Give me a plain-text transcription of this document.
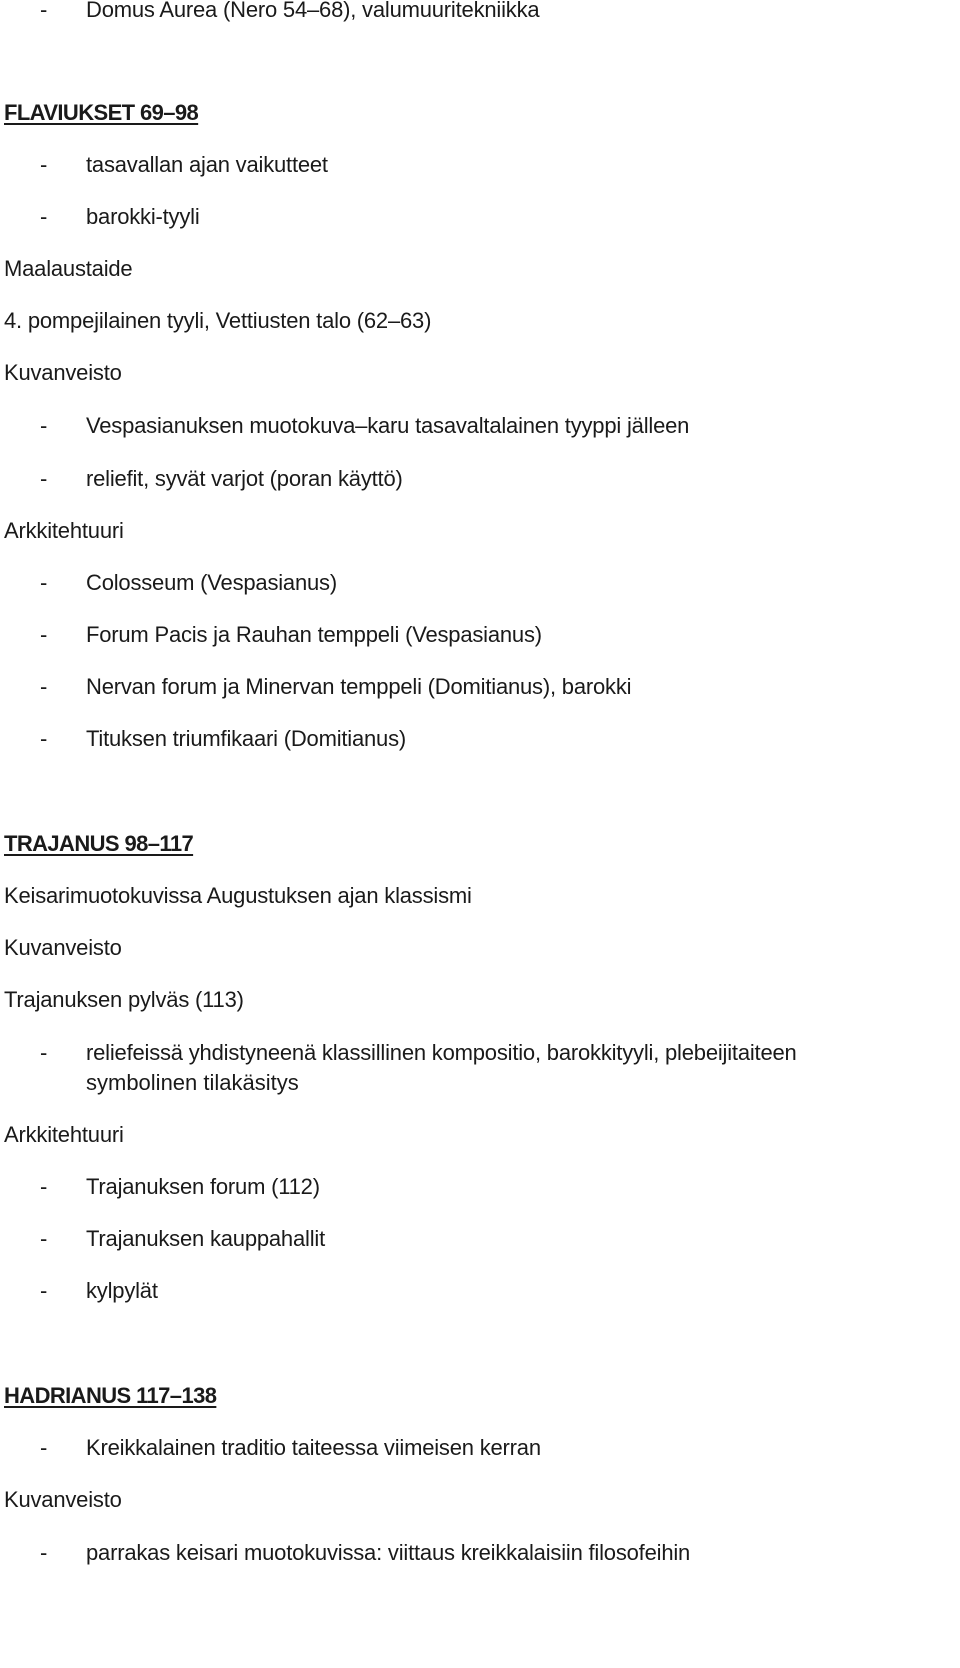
- Domus Aurea (Nero 54–68), valumuuritekniikka
FLAVIUKSET 69–98
- tasavallan ajan vaikutteet
- barokki-tyyli
Maalaustaide
4. pompejilainen tyyli, Vettiusten talo (62–63)
Kuvanveisto
- Vespasianuksen muotokuva–karu tasavaltalainen tyyppi jälleen
- reliefit, syvät varjot (poran käyttö)
Arkkitehtuuri
- Colosseum (Vespasianus)
- Forum Pacis ja Rauhan temppeli (Vespasianus)
- Nervan forum ja Minervan temppeli (Domitianus), barokki
- Tituksen triumfikaari (Domitianus)
TRAJANUS 98–117
Keisarimuotokuvissa Augustuksen ajan klassismi
Kuvanveisto
Trajanuksen pylväs (113)
- reliefeissä yhdistyneenä klassillinen kompositio, barokkityyli, plebeijitaiteen
symbolinen tilakäsitys
Arkkitehtuuri
- Trajanuksen forum (112)
- Trajanuksen kauppahallit
- kylpylät
HADRIANUS 117–138
- Kreikkalainen traditio taiteessa viimeisen kerran
Kuvanveisto
- parrakas keisari muotokuvissa: viittaus kreikkalaisiin filosofeihin
